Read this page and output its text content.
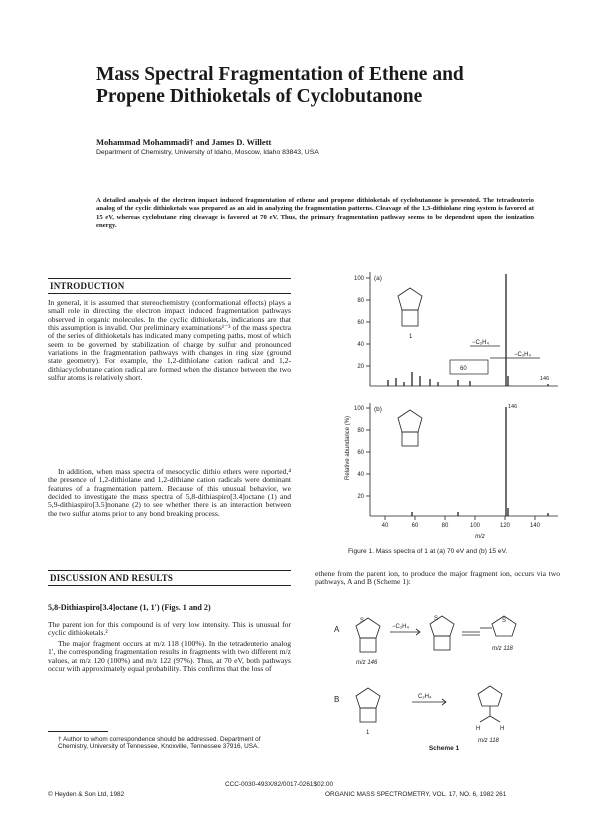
Mass Spectral Fragmentation of Ethene and Propene Dithioketals of Cyclobutanone
Mohammad Mohammadi† and James D. Willett
Department of Chemistry, University of Idaho, Moscow, Idaho 83843, USA
A detailed analysis of the electron impact induced fragmentation of ethene and propene dithioketals of cyclobutanone is presented. The tetradeuterio analog of the cyclic dithioketals was prepared as an aid in analyzing the fragmentation patterns. Cleavage of the 1,3-dithiolane ring system is favored at 15 eV, whereas cyclobutane ring cleavage is favored at 70 eV. Thus, the primary fragmentation pathway seems to be dependent upon the ionization energy.
INTRODUCTION
In general, it is assumed that stereochemistry (conformational effects) plays a small role in directing the electron impact induced fragmentation pathways observed in organic molecules. In the cyclic dithioketals, indications are that this assumption is invalid. Our preliminary examinations¹⁻³ of the mass spectra of the series of dithioketals has indicated many competing paths, most of which seem to be governed by stabilization of charge by sulfur and pronounced variations in the fragmentation pathways with changes in ring size (ground state geometry). For example, the 1,2-dithiolane cation radical and 1,2-dithiacyclobutane cation radical are formed when the distance between the two sulfur atoms is relatively short.
In addition, when mass spectra of mesocyclic dithio ethers were reported,⁴ the presence of 1,2-dithiolane and 1,2-dithiane cation radicals were dominant features of a fragmentation pattern. Because of this unusual behavior, we decided to investigate the mass spectra of 5,8-dithiaspiro[3.4]octane (1) and 5,9-dithiaspiro[3.5]nonane (2) to see whether there is an interaction between the two sulfur atoms prior to any bond breaking process.
DISCUSSION AND RESULTS
5,8-Dithiaspiro[3.4]octane (1, 1′) (Figs. 1 and 2)
The parent ion for this compound is of very low intensity. This is unusual for cyclic dithioketals.²
The major fragment occurs at m/z 118 (100%). In the tetradeuterio analog 1′, the corresponding fragmentation results in fragments with two different m/z values, at m/z 120 (100%) and m/z 122 (97%). Thus, at 70 eV, both pathways occur with approximately equal probability. This confirms that the loss of
† Author to whom correspondence should be addressed. Department of Chemistry, University of Tennessee, Knoxville, Tennessee 37916, USA.
ethene from the parent ion, to produce the major fragment ion, occurs via two pathways, A and B (Scheme 1):
100
80
60
40
20
100
80
60
40
20
40	60	80	100	120	140
m/z
Relative abundance (%)
(a)
(b)
1
−C₂H₄
−C₂H₄
60
146
146
Figure 1. Mass spectra of 1 at (a) 70 eV and (b) 15 eV.
A
B
−C₂H₄
C₂H₄
S	S	S
H	H
m/z 146
m/z 118
1
m/z 118
Scheme 1
CCC-0030-493X/82/0017-0261$02.00
© Heyden & Son Ltd, 1982	ORGANIC MASS SPECTROMETRY, VOL. 17, NO. 6, 1982 261
